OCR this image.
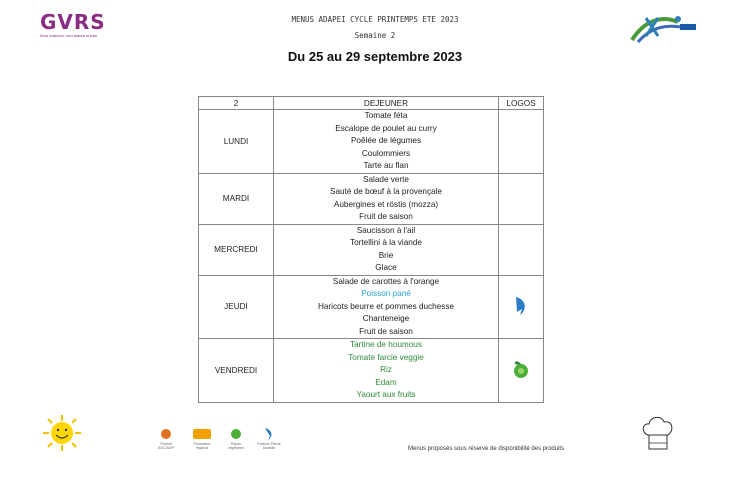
GVRS
Nous cuisinons, vous faisons la suite
MENUS ADAPEI CYCLE PRINTEMPS ETE 2023
Semaine 2
Du 25 au 29 septembre 2023
2	DEJEUNER	LOGOS
LUNDI	Tomate féta
Escalope de poulet au curry
Poêlée de légumes
Coulommiers
Tarte au flan	

MARDI	Salade verte
Sauté de bœuf à la provençale
Aubergines et röstis (mozza)
Fruit de saison	

MERCREDI	Saucisson à l'ail
Tortellini à la viande
Brie
Glace	

JEUDI	Salade de carottes à l'orange
Poisson pané
Haricots beurre et pommes duchesse
Chanteneige
Fruit de saison

VENDREDI	Tartine de houmous
Tomate farcie veggie
Riz
Edam
Yaourt aux fruits

Produit AOC/AOP
Producteur régional
Repas végétarien
Poisson Pêche Durable	Menus proposés sous réserve de disponibilité des produits
